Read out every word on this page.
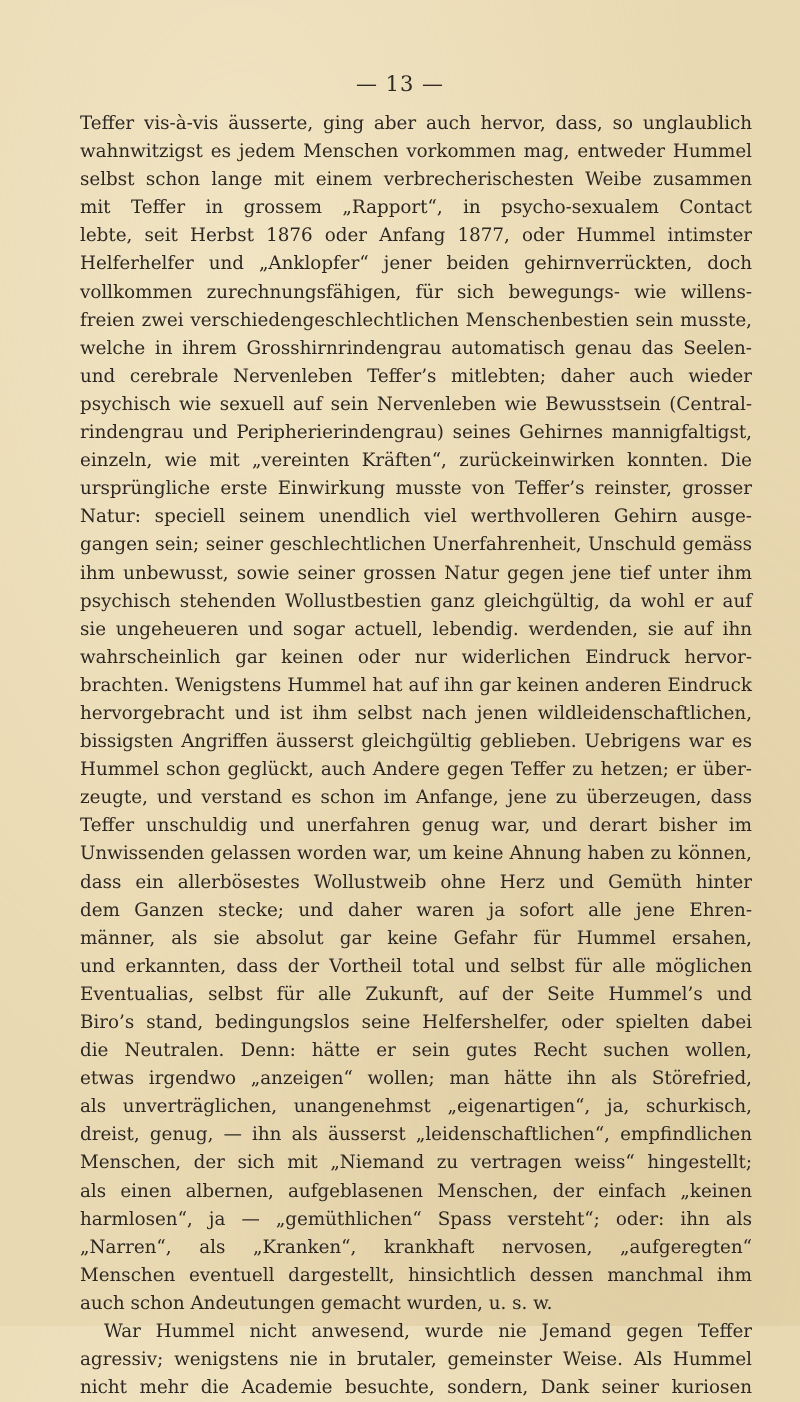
— 13 —
Teffer vis-à-vis äusserte, ging aber auch hervor, dass, so unglaublich
wahnwitzigst es jedem Menschen vorkommen mag, entweder Hummel
selbst schon lange mit einem verbrecherischesten Weibe zusammen
mit Teffer in grossem „Rapport“, in psycho-sexualem Contact
lebte, seit Herbst 1876 oder Anfang 1877, oder Hummel intimster
Helferhelfer und „Anklopfer“ jener beiden gehirnverrückten, doch
vollkommen zurechnungsfähigen, für sich bewegungs- wie willens-
freien zwei verschiedengeschlechtlichen Menschenbestien sein musste,
welche in ihrem Grosshirnrindengrau automatisch genau das Seelen-
und cerebrale Nervenleben Teffer’s mitlebten; daher auch wieder
psychisch wie sexuell auf sein Nervenleben wie Bewusstsein (Central-
rindengrau und Peripherierindengrau) seines Gehirnes mannigfaltigst,
einzeln, wie mit „vereinten Kräften“, zurückeinwirken konnten. Die
ursprüngliche erste Einwirkung musste von Teffer’s reinster, grosser
Natur: speciell seinem unendlich viel werthvolleren Gehirn ausge-
gangen sein; seiner geschlechtlichen Unerfahrenheit, Unschuld gemäss
ihm unbewusst, sowie seiner grossen Natur gegen jene tief unter ihm
psychisch stehenden Wollustbestien ganz gleichgültig, da wohl er auf
sie ungeheueren und sogar actuell, lebendig. werdenden, sie auf ihn
wahrscheinlich gar keinen oder nur widerlichen Eindruck hervor-
brachten. Wenigstens Hummel hat auf ihn gar keinen anderen Eindruck
hervorgebracht und ist ihm selbst nach jenen wildleidenschaftlichen,
bissigsten Angriffen äusserst gleichgültig geblieben. Uebrigens war es
Hummel schon geglückt, auch Andere gegen Teffer zu hetzen; er über-
zeugte, und verstand es schon im Anfange, jene zu überzeugen, dass
Teffer unschuldig und unerfahren genug war, und derart bisher im
Unwissenden gelassen worden war, um keine Ahnung haben zu können,
dass ein allerbösestes Wollustweib ohne Herz und Gemüth hinter
dem Ganzen stecke; und daher waren ja sofort alle jene Ehren-
männer, als sie absolut gar keine Gefahr für Hummel ersahen,
und erkannten, dass der Vortheil total und selbst für alle möglichen
Eventualias, selbst für alle Zukunft, auf der Seite Hummel’s und
Biro’s stand, bedingungslos seine Helfershelfer, oder spielten dabei
die Neutralen. Denn: hätte er sein gutes Recht suchen wollen,
etwas irgendwo „anzeigen“ wollen; man hätte ihn als Störefried,
als unverträglichen, unangenehmst „eigenartigen“, ja, schurkisch,
dreist, genug, — ihn als äusserst „leidenschaftlichen“, empfindlichen
Menschen, der sich mit „Niemand zu vertragen weiss“ hingestellt;
als einen albernen, aufgeblasenen Menschen, der einfach „keinen
harmlosen“, ja — „gemüthlichen“ Spass versteht“; oder: ihn als
„Narren“, als „Kranken“, krankhaft nervosen, „aufgeregten“
Menschen eventuell dargestellt, hinsichtlich dessen manchmal ihm
auch schon Andeutungen gemacht wurden, u. s. w.
War Hummel nicht anwesend, wurde nie Jemand gegen Teffer
agressiv; wenigstens nie in brutaler, gemeinster Weise. Als Hummel
nicht mehr die Academie besuchte, sondern, Dank seiner kuriosen
